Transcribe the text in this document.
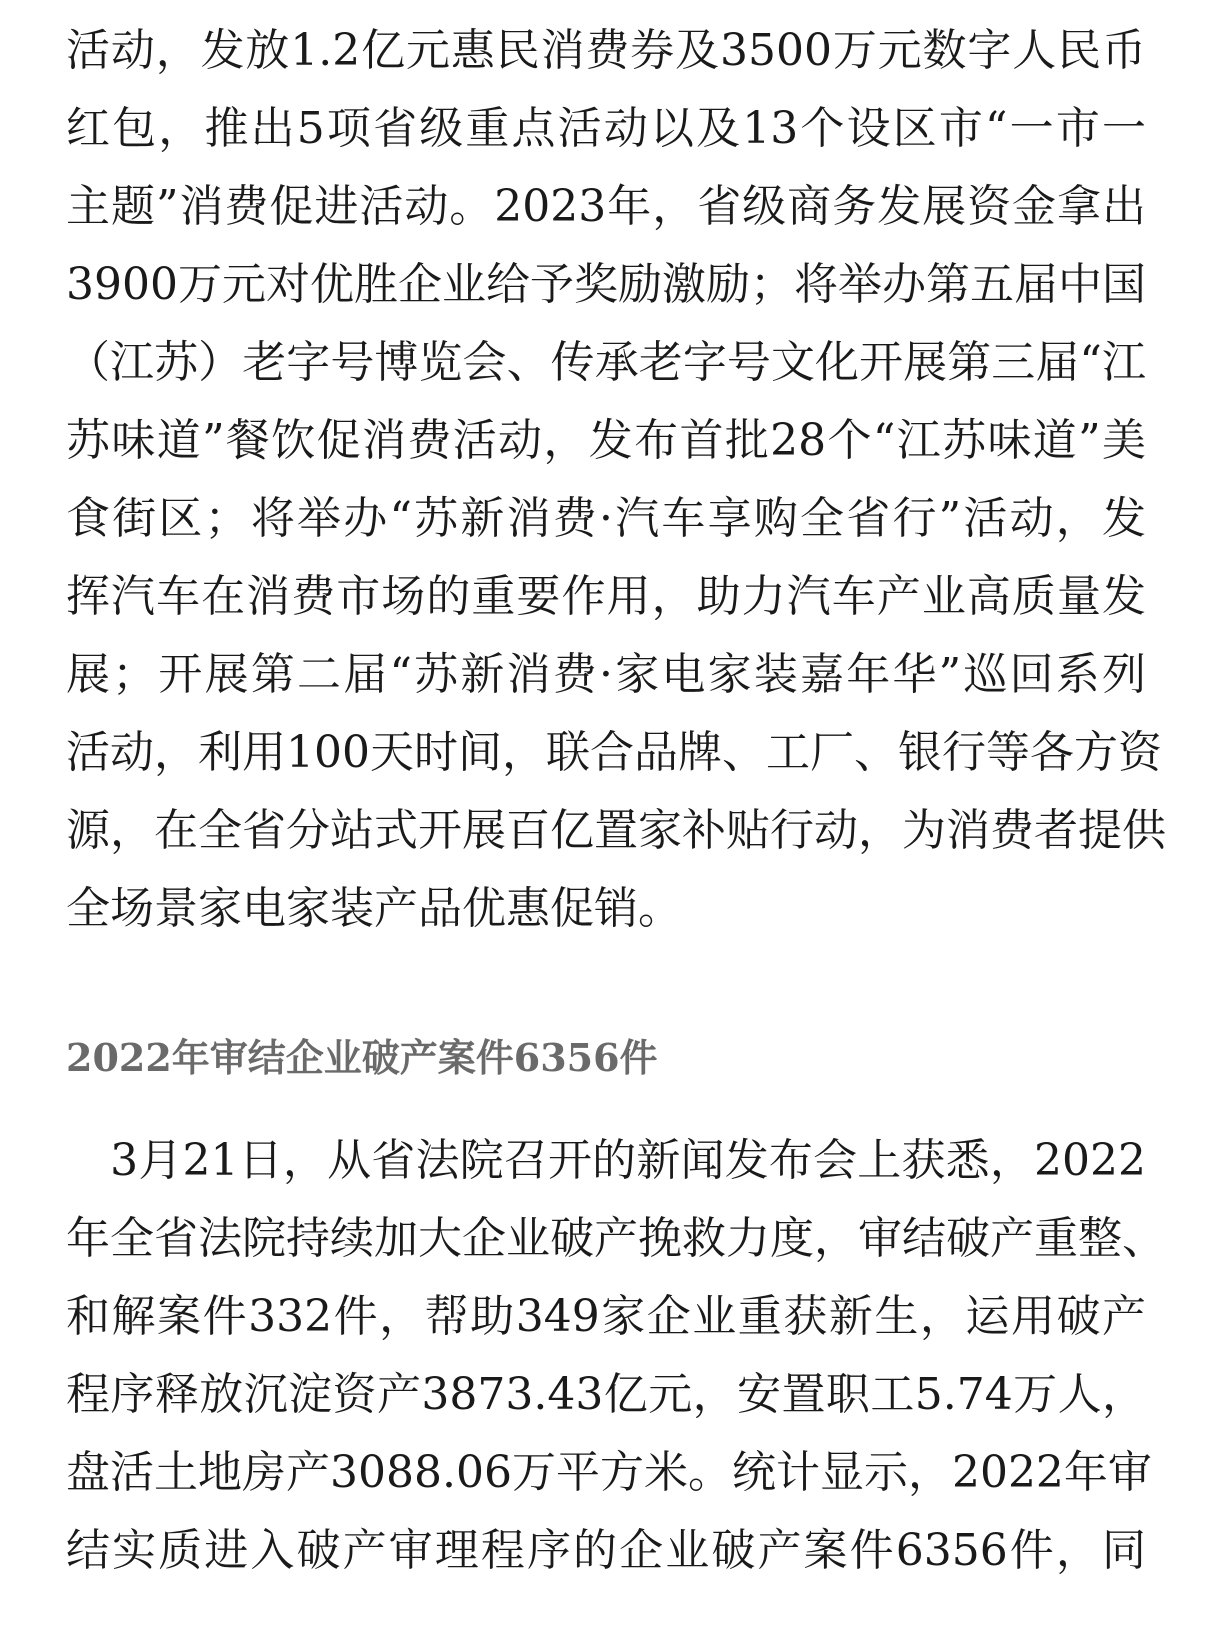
活动，发放1.2亿元惠民消费券及3500万元数字人民币
红包，推出5项省级重点活动以及13个设区市“一市一
主题”消费促进活动。2023年，省级商务发展资金拿出
3900万元对优胜企业给予奖励激励；将举办第五届中国
（江苏）老字号博览会、传承老字号文化开展第三届“江
苏味道”餐饮促消费活动，发布首批28个“江苏味道”美
食街区；将举办“苏新消费·汽车享购全省行”活动，发
挥汽车在消费市场的重要作用，助力汽车产业高质量发
展；开展第二届“苏新消费·家电家装嘉年华”巡回系列
活动，利用100天时间，联合品牌、工厂、银行等各方资
源，在全省分站式开展百亿置家补贴行动，为消费者提供
全场景家电家装产品优惠促销。
2022年审结企业破产案件6356件
　3月21日，从省法院召开的新闻发布会上获悉，2022
年全省法院持续加大企业破产挽救力度，审结破产重整、
和解案件332件，帮助349家企业重获新生，运用破产
程序释放沉淀资产3873.43亿元，安置职工5.74万人，
盘活土地房产3088.06万平方米。统计显示，2022年审
结实质进入破产审理程序的企业破产案件6356件，同
